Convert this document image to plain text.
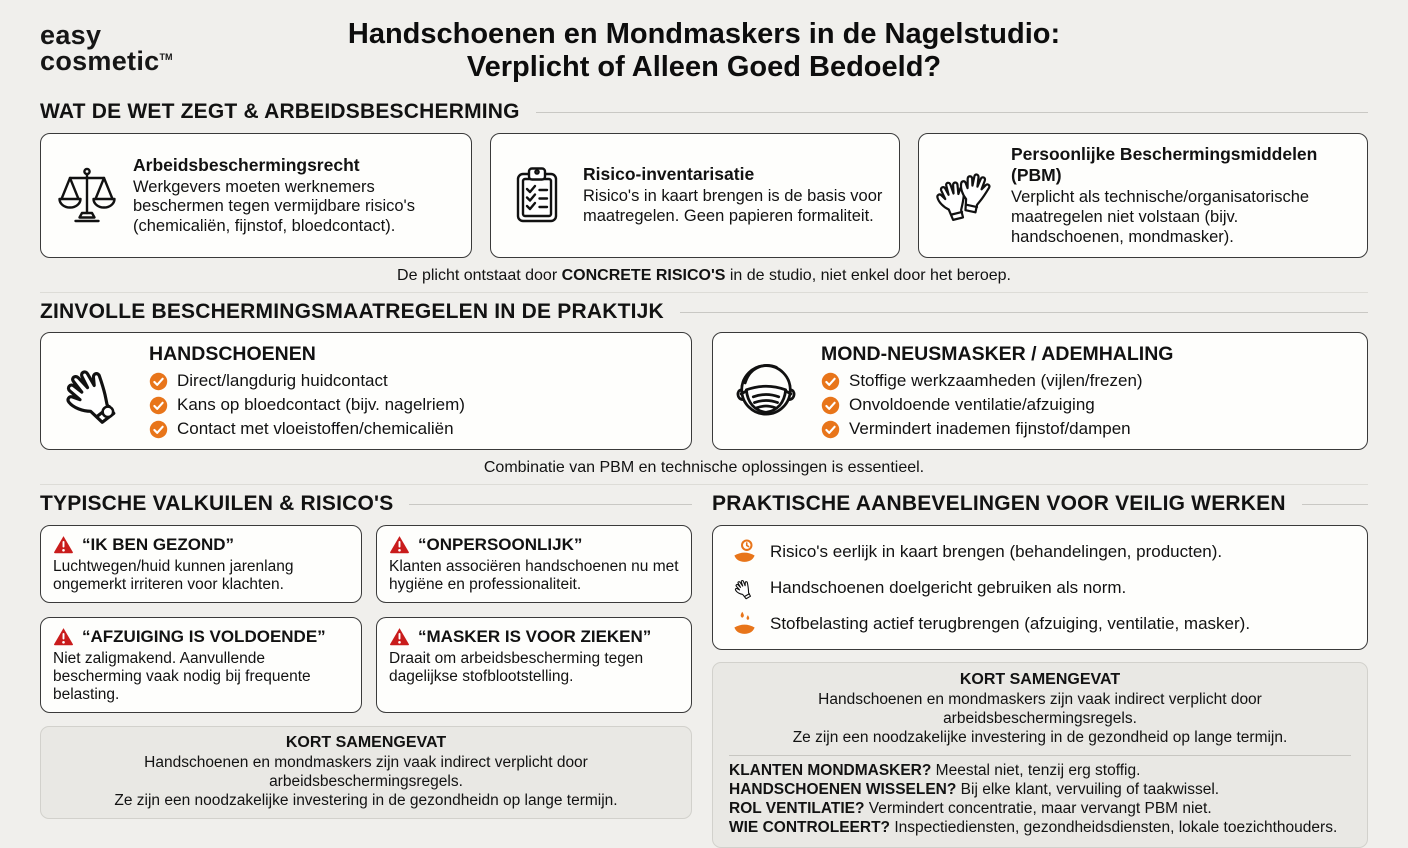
easy
cosmetic™
Handschoenen en Mondmaskers in de Nagelstudio:
Verplicht of Alleen Goed Bedoeld?
WAT DE WET ZEGT & ARBEIDSBESCHERMING
Arbeidsbeschermingsrecht

Werkgevers moeten werknemers beschermen tegen vermijdbare risico's (chemicaliën, fijnstof, bloedcontact).

Risico-inventarisatie

Risico's in kaart brengen is de basis voor maatregelen. Geen papieren formaliteit.

Persoonlijke Beschermingsmiddelen (PBM)

Verplicht als technische/organisatorische maatregelen niet volstaan (bijv. handschoenen, mondmasker).

De plicht ontstaat door CONCRETE RISICO'S in de studio, niet enkel door het beroep.

ZINVOLLE BESCHERMINGSMAATREGELEN IN DE PRAKTIJK
HANDSCHOENEN
Direct/langdurig huidcontact
Kans op bloedcontact (bijv. nagelriem)
Contact met vloeistoffen/chemicaliën
MOND-NEUSMASKER / ADEMHALING
Stoffige werkzaamheden (vijlen/frezen)
Onvoldoende ventilatie/afzuiging
Vermindert inademen fijnstof/dampen

Combinatie van PBM en technische oplossingen is essentieel.

TYPISCHE VALKUILEN & RISICO'S
“IK BEN GEZOND”

Luchtwegen/huid kunnen jarenlang ongemerkt irriteren voor klachten.

“ONPERSOONLIJK”

Klanten associëren handschoenen nu met hygiëne en professionaliteit.

“AFZUIGING IS VOLDOENDE”

Niet zaligmakend. Aanvullende bescherming vaak nodig bij frequente belasting.

“MASKER IS VOOR ZIEKEN”

Draait om arbeidsbescherming tegen dagelijkse stofblootstelling.

KORT SAMENGEVAT

Handschoenen en mondmaskers zijn vaak indirect verplicht door arbeidsbeschermingsregels.

Ze zijn een noodzakelijke investering in de gezondheidn op lange termijn.

PRAKTISCHE AANBEVELINGEN VOOR VEILIG WERKEN
Risico's eerlijk in kaart brengen (behandelingen, producten).
Handschoenen doelgericht gebruiken als norm.
Stofbelasting actief terugbrengen (afzuiging, ventilatie, masker).
KORT SAMENGEVAT

Handschoenen en mondmaskers zijn vaak indirect verplicht door arbeidsbeschermingsregels.

Ze zijn een noodzakelijke investering in de gezondheid op lange termijn.

KLANTEN MONDMASKER? Meestal niet, tenzij erg stoffig.

HANDSCHOENEN WISSELEN? Bij elke klant, vervuiling of taakwissel.

ROL VENTILATIE? Vermindert concentratie, maar vervangt PBM niet.

WIE CONTROLEERT? Inspectiediensten, gezondheidsdiensten, lokale toezichthouders.
